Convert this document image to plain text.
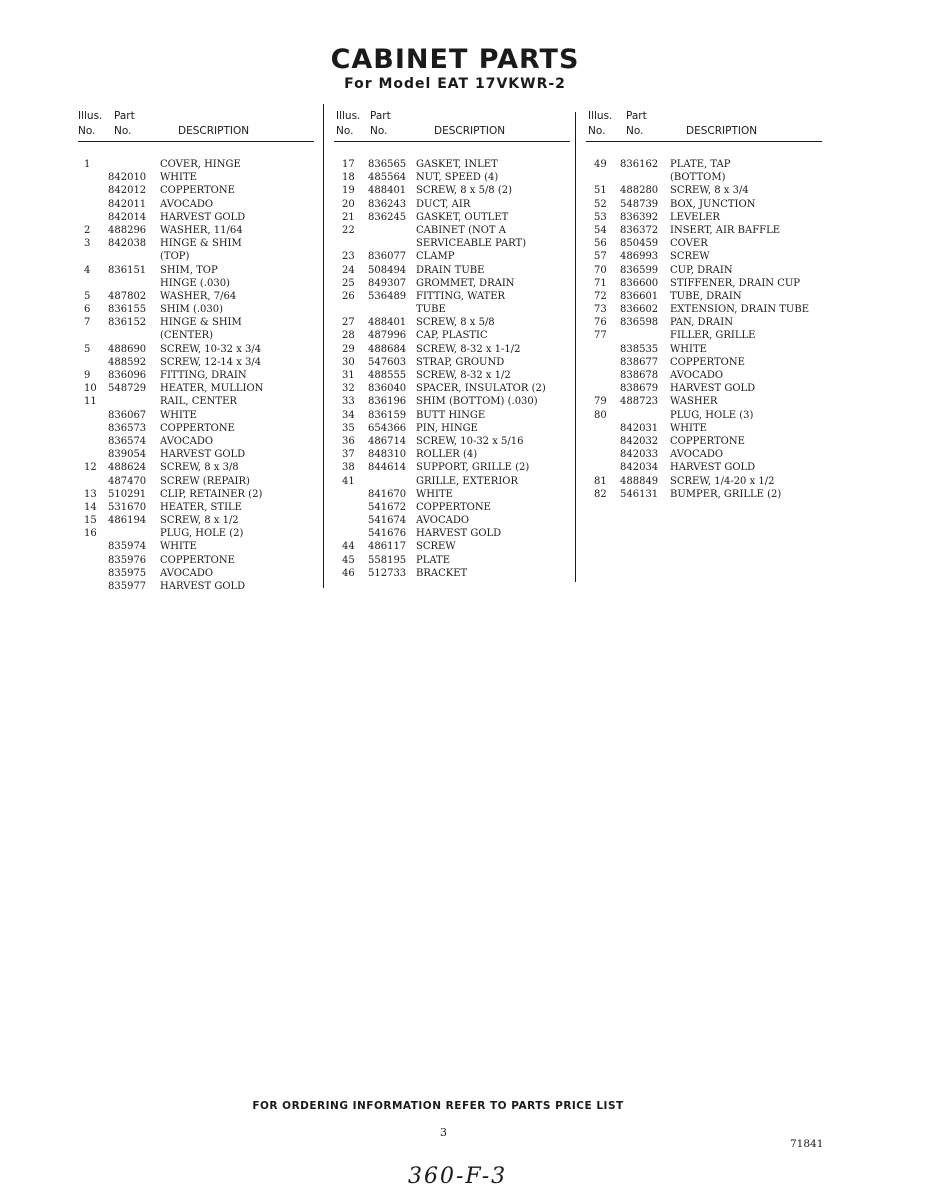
CABINET PARTS
For Model EAT 17VKWR-2
Illus. Part
No. No.	DESCRIPTION
1	COVER, HINGE
842010 WHITE
842012 COPPERTONE
842011 AVOCADO
842014 HARVEST GOLD
2 488296 WASHER, 11/64
3 842038 HINGE & SHIM
(TOP)
4 836151 SHIM, TOP
HINGE (.030)
5 487802 WASHER, 7/64
6 836155 SHIM (.030)
7 836152 HINGE & SHIM
(CENTER)
5 488690 SCREW, 10-32 x 3/4
488592 SCREW, 12-14 x 3/4
9 836096 FITTING, DRAIN
10 548729 HEATER, MULLION
11	RAIL, CENTER
836067 WHITE
836573 COPPERTONE
836574 AVOCADO
839054 HARVEST GOLD
12 488624 SCREW, 8 x 3/8
487470 SCREW (REPAIR)
13 510291 CLIP, RETAINER (2)
14 531670 HEATER, STILE
15 486194 SCREW, 8 x 1/2
16	PLUG, HOLE (2)
835974 WHITE
835976 COPPERTONE
835975 AVOCADO
835977 HARVEST GOLD
Illus. Part
No. No.	DESCRIPTION
17 836565 GASKET, INLET
18 485564 NUT, SPEED (4)
19 488401 SCREW, 8 x 5/8 (2)
20 836243 DUCT, AIR
21 836245 GASKET, OUTLET
22	CABINET (NOT A
SERVICEABLE PART)
23 836077 CLAMP
24 508494 DRAIN TUBE
25 849307 GROMMET, DRAIN
26 536489 FITTING, WATER
TUBE
27 488401 SCREW, 8 x 5/8
28 487996 CAP, PLASTIC
29 488684 SCREW, 8-32 x 1-1/2
30 547603 STRAP, GROUND
31 488555 SCREW, 8-32 x 1/2
32 836040 SPACER, INSULATOR (2)
33 836196 SHIM (BOTTOM) (.030)
34 836159 BUTT HINGE
35 654366 PIN, HINGE
36 486714 SCREW, 10-32 x 5/16
37 848310 ROLLER (4)
38 844614 SUPPORT, GRILLE (2)
41	GRILLE, EXTERIOR
841670 WHITE
541672 COPPERTONE
541674 AVOCADO
541676 HARVEST GOLD
44 486117 SCREW
45 558195 PLATE
46 512733 BRACKET
Illus. Part
No. No.	DESCRIPTION
49 836162 PLATE, TAP
(BOTTOM)
51 488280 SCREW, 8 x 3/4
52 548739 BOX, JUNCTION
53 836392 LEVELER
54 836372 INSERT, AIR BAFFLE
56 850459 COVER
57 486993 SCREW
70 836599 CUP, DRAIN
71 836600 STIFFENER, DRAIN CUP
72 836601 TUBE, DRAIN
73 836602 EXTENSION, DRAIN TUBE
76 836598 PAN, DRAIN
77	FILLER, GRILLE
838535 WHITE
838677 COPPERTONE
838678 AVOCADO
838679 HARVEST GOLD
79 488723 WASHER
80	PLUG, HOLE (3)
842031 WHITE
842032 COPPERTONE
842033 AVOCADO
842034 HARVEST GOLD
81 488849 SCREW, 1/4-20 x 1/2
82 546131 BUMPER, GRILLE (2)
FOR ORDERING INFORMATION REFER TO PARTS PRICE LIST
3
71841
360-F-3
